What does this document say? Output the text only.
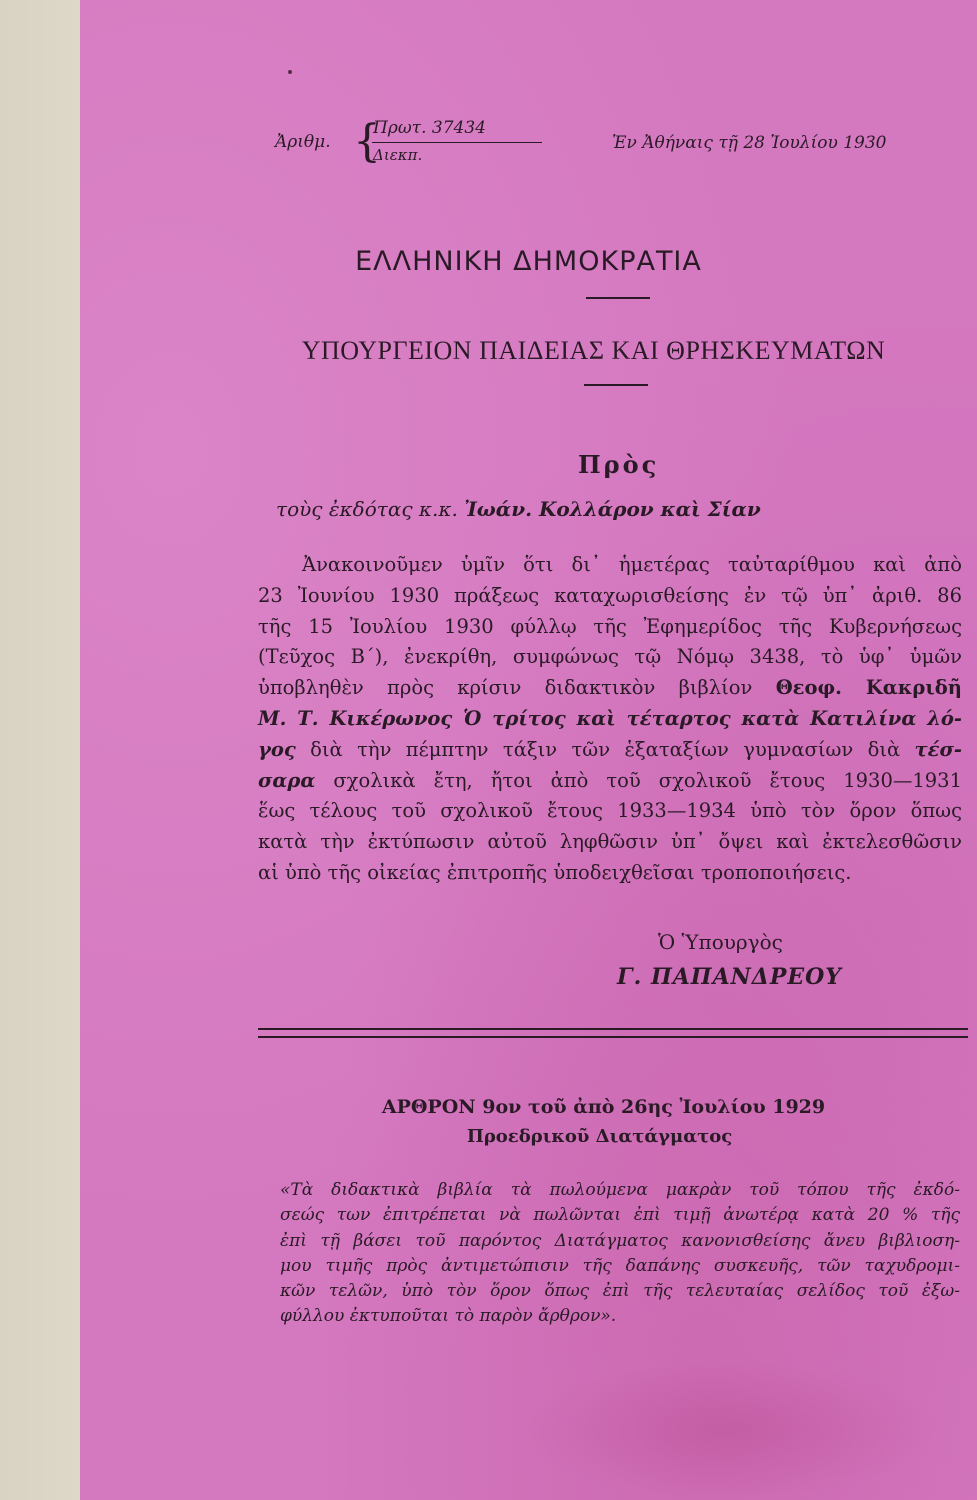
Ἀριθμ. {
Πρωτ. 37434
Διεκπ.
Ἐν Ἀθήναις τῇ 28 Ἰουλίου 1930
ΕΛΛΗΝΙΚΗ ΔΗΜΟΚΡΑΤΙΑ
ΥΠΟΥΡΓΕΙΟΝ ΠΑΙΔΕΙΑΣ ΚΑΙ ΘΡΗΣΚΕΥΜΑΤΩΝ
Πρὸς
τοὺς ἐκδότας κ.κ. Ἰωάν. Κολλάρον καὶ Σίαν
Ἀνακοινοῦμεν ὑμῖν ὅτι δι᾽ ἡμετέρας ταὐταρίθμου καὶ ἀπὸ
23 Ἰουνίου 1930 πράξεως καταχωρισθείσης ἐν τῷ ὑπ᾽ ἀριθ. 86
τῆς 15 Ἰουλίου 1930 φύλλῳ τῆς Ἐφημερίδος τῆς Κυβερνήσεως
(Τεῦχος Β΄), ἐνεκρίθη, συμφώνως τῷ Νόμῳ 3438, τὸ ὑφ᾽ ὑμῶν
ὑποβληθὲν πρὸς κρίσιν διδακτικὸν βιβλίον Θεοφ. Κακριδῆ
Μ. Τ. Κικέρωνος Ὁ τρίτος καὶ τέταρτος κατὰ Κατιλίνα λό-
γος διὰ τὴν πέμπτην τάξιν τῶν ἑξαταξίων γυμνασίων διὰ τέσ-
σαρα σχολικὰ ἔτη, ἤτοι ἀπὸ τοῦ σχολικοῦ ἔτους 1930—1931
ἕως τέλους τοῦ σχολικοῦ ἔτους 1933—1934 ὑπὸ τὸν ὅρον ὅπως
κατὰ τὴν ἐκτύπωσιν αὐτοῦ ληφθῶσιν ὑπ᾽ ὄψει καὶ ἐκτελεσθῶσιν
αἱ ὑπὸ τῆς οἰκείας ἐπιτροπῆς ὑποδειχθεῖσαι τροποποιήσεις.
Ὁ Ὑπουργὸς
Γ. ΠΑΠΑΝΔΡΕΟΥ
ΑΡΘΡΟΝ 9ον τοῦ ἀπὸ 26ης Ἰουλίου 1929
Προεδρικοῦ Διατάγματος
«Τὰ διδακτικὰ βιβλία τὰ πωλούμενα μακρὰν τοῦ τόπου τῆς ἐκδό-
σεώς των ἐπιτρέπεται νὰ πωλῶνται ἐπὶ τιμῇ ἀνωτέρᾳ κατὰ 20 % τῆς
ἐπὶ τῇ βάσει τοῦ παρόντος Διατάγματος κανονισθείσης ἄνευ βιβλιοση-
μου τιμῆς πρὸς ἀντιμετώπισιν τῆς δαπάνης συσκευῆς, τῶν ταχυδρομι-
κῶν τελῶν, ὑπὸ τὸν ὅρον ὅπως ἐπὶ τῆς τελευταίας σελίδος τοῦ ἐξω-
φύλλου ἐκτυποῦται τὸ παρὸν ἄρθρον».
